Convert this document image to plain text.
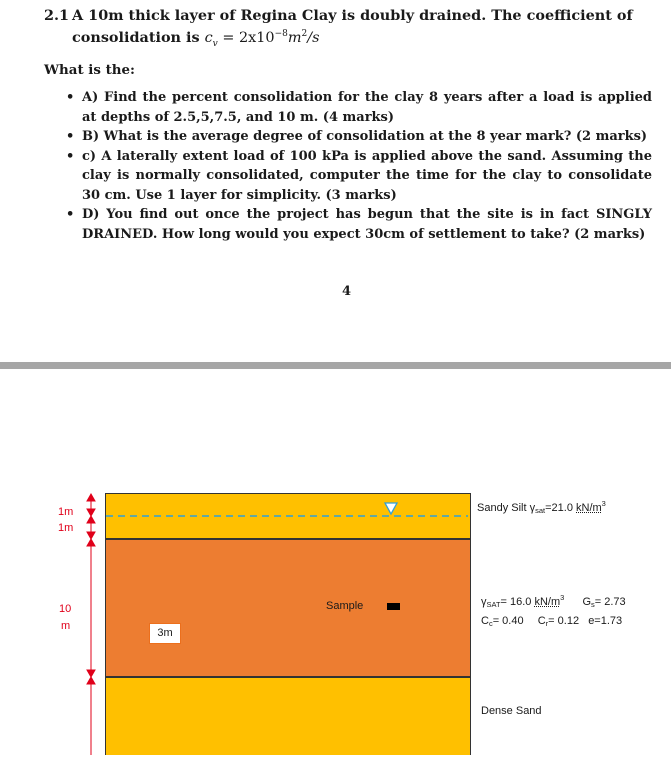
2.1 A 10m thick layer of Regina Clay is doubly drained. The coefficient of
consolidation is $c_v = 2x10^{-8}m^2/s$
What is the:
• A) Find the percent consolidation for the clay 8 years after a load is applied at depths of 2.5,5,7.5, and 10 m. (4 marks)
• B) What is the average degree of consolidation at the 8 year mark? (2 marks)
• c) A laterally extent load of 100 kPa is applied above the sand. Assuming the clay is normally consolidated, computer the time for the clay to consolidate 30 cm. Use 1 layer for simplicity. (3 marks)
• D) You find out once the project has begun that the site is in fact SINGLY DRAINED. How long would you expect 30cm of settlement to take? (2 marks)
4
1m
1m
10
m
3m
Sample
Sandy Silt $\gamma_{sat}=21.0$ $kN/m^3$
$\gamma_{SAT}= 16.0$ $kN/m^3$ $G_s= 2.73$
$C_c= 0.40$ $C_r= 0.12$ e=1.73
Dense Sand
